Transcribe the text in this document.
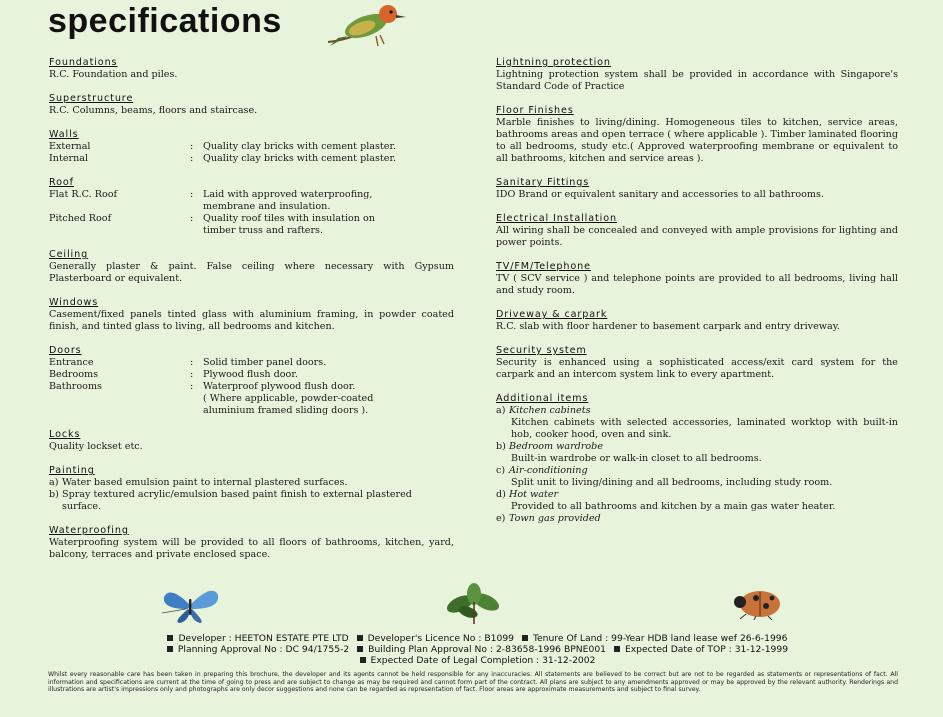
specifications
Foundations
R.C. Foundation and piles.
Superstructure
R.C. Columns, beams, floors and staircase.
Walls
External	: Quality clay bricks with cement plaster.
Internal	: Quality clay bricks with cement plaster.
Roof
Flat R.C. Roof	: Laid with approved waterproofing,
membrane and insulation.
Pitched Roof	: Quality roof tiles with insulation on
timber truss and rafters.
Ceiling
Generally plaster & paint. False ceiling where necessary with Gypsum Plasterboard or equivalent.
Windows
Casement/fixed panels tinted glass with aluminium framing, in powder coated finish, and tinted glass to living, all bedrooms and kitchen.
Doors
Entrance	: Solid timber panel doors.
Bedrooms	: Plywood flush door.
Bathrooms	: Waterproof plywood flush door.
( Where applicable, powder-coated
aluminium framed sliding doors ).
Locks
Quality lockset etc.
Painting
a) Water based emulsion paint to internal plastered surfaces.
b) Spray textured acrylic/emulsion based paint finish to external plastered surface.
Waterproofing
Waterproofing system will be provided to all floors of bathrooms, kitchen, yard, balcony, terraces and private enclosed space.
Lightning protection
Lightning protection system shall be provided in accordance with Singapore's Standard Code of Practice
Floor Finishes
Marble finishes to living/dining. Homogeneous tiles to kitchen, service areas, bathrooms areas and open terrace ( where applicable ). Timber laminated flooring to all bedrooms, study etc.( Approved waterproofing membrane or equivalent to all bathrooms, kitchen and service areas ).
Sanitary Fittings
IDO Brand or equivalent sanitary and accessories to all bathrooms.
Electrical Installation
All wiring shall be concealed and conveyed with ample provisions for lighting and power points.
TV/FM/Telephone
TV ( SCV service ) and telephone points are provided to all bedrooms, living hall and study room.
Driveway & carpark
R.C. slab with floor hardener to basement carpark and entry driveway.
Security system
Security is enhanced using a sophisticated access/exit card system for the carpark and an intercom system link to every apartment.
Additional items
a) Kitchen cabinets
Kitchen cabinets with selected accessories, laminated worktop with built-in hob, cooker hood, oven and sink.
b) Bedroom wardrobe
Built-in wardrobe or walk-in closet to all bedrooms.
c) Air-conditioning
Split unit to living/dining and all bedrooms, including study room.
d) Hot water
Provided to all bathrooms and kitchen by a main gas water heater.
e) Town gas provided
Developer : HEETON ESTATE PTE LTD Developer's Licence No : B1099 Tenure Of Land : 99-Year HDB land lease wef 26-6-1996
Planning Approval No : DC 94/1755-2 Building Plan Approval No : 2-83658-1996 BPNE001 Expected Date of TOP : 31-12-1999
Expected Date of Legal Completion : 31-12-2002
Whilst every reasonable care has been taken in preparing this brochure, the developer and its agents cannot be held responsible for any inaccuracies. All statements are believed to be correct but are not to be regarded as statements or representations of fact. All information and specifications are current at the time of going to press and are subject to change as may be required and cannot form part of the contract. All plans are subject to any amendments approved or may be approved by the relevant authority. Renderings and illustrations are artist's impressions only and photographs are only decor suggestions and none can be regarded as representation of fact. Floor areas are approximate measurements and subject to final survey.
